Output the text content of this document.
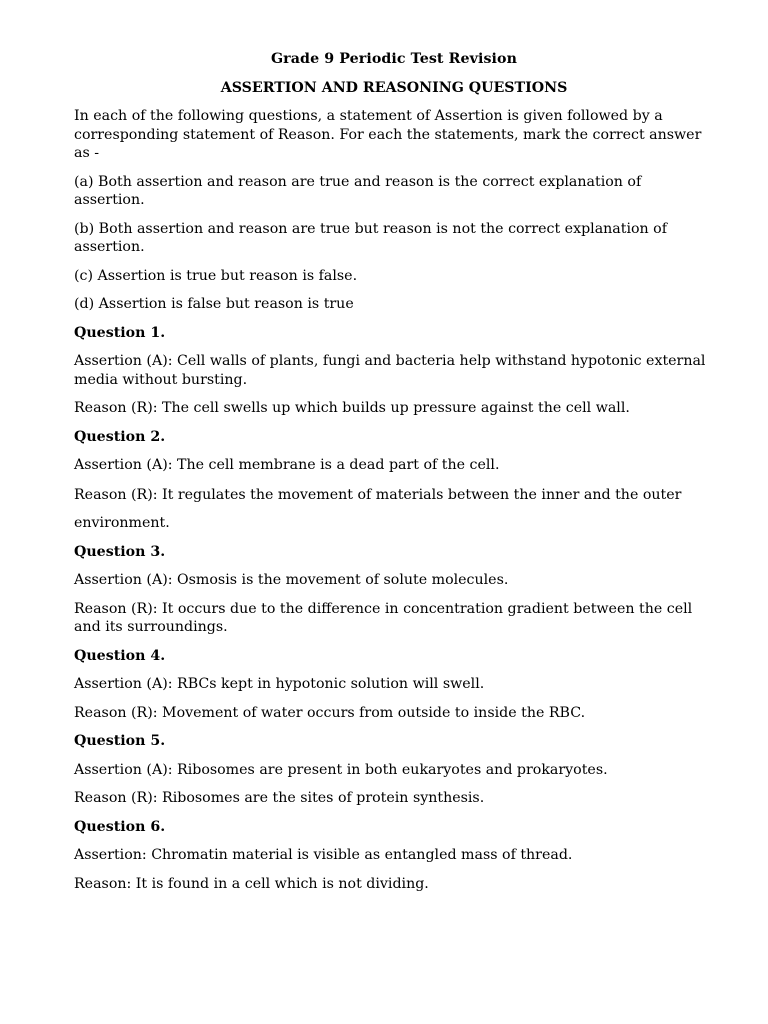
Grade 9 Periodic Test Revision
ASSERTION AND REASONING QUESTIONS

In each of the following questions, a statement of Assertion is given followed by a corresponding statement of Reason. For each the statements, mark the correct answer as -

(a) Both assertion and reason are true and reason is the correct explanation of assertion.

(b) Both assertion and reason are true but reason is not the correct explanation of assertion.

(c) Assertion is true but reason is false.

(d) Assertion is false but reason is true

Question 1.

Assertion (A): Cell walls of plants, fungi and bacteria help withstand hypotonic external media without bursting.

Reason (R): The cell swells up which builds up pressure against the cell wall.

Question 2.

Assertion (A): The cell membrane is a dead part of the cell.

Reason (R): It regulates the movement of materials between the inner and the outer environment.

Question 3.

Assertion (A): Osmosis is the movement of solute molecules.

Reason (R): It occurs due to the difference in concentration gradient between the cell and its surroundings.

Question 4.

Assertion (A): RBCs kept in hypotonic solution will swell.

Reason (R): Movement of water occurs from outside to inside the RBC.

Question 5.

Assertion (A): Ribosomes are present in both eukaryotes and prokaryotes.

Reason (R): Ribosomes are the sites of protein synthesis.

Question 6.

Assertion: Chromatin material is visible as entangled mass of thread.

Reason: It is found in a cell which is not dividing.
